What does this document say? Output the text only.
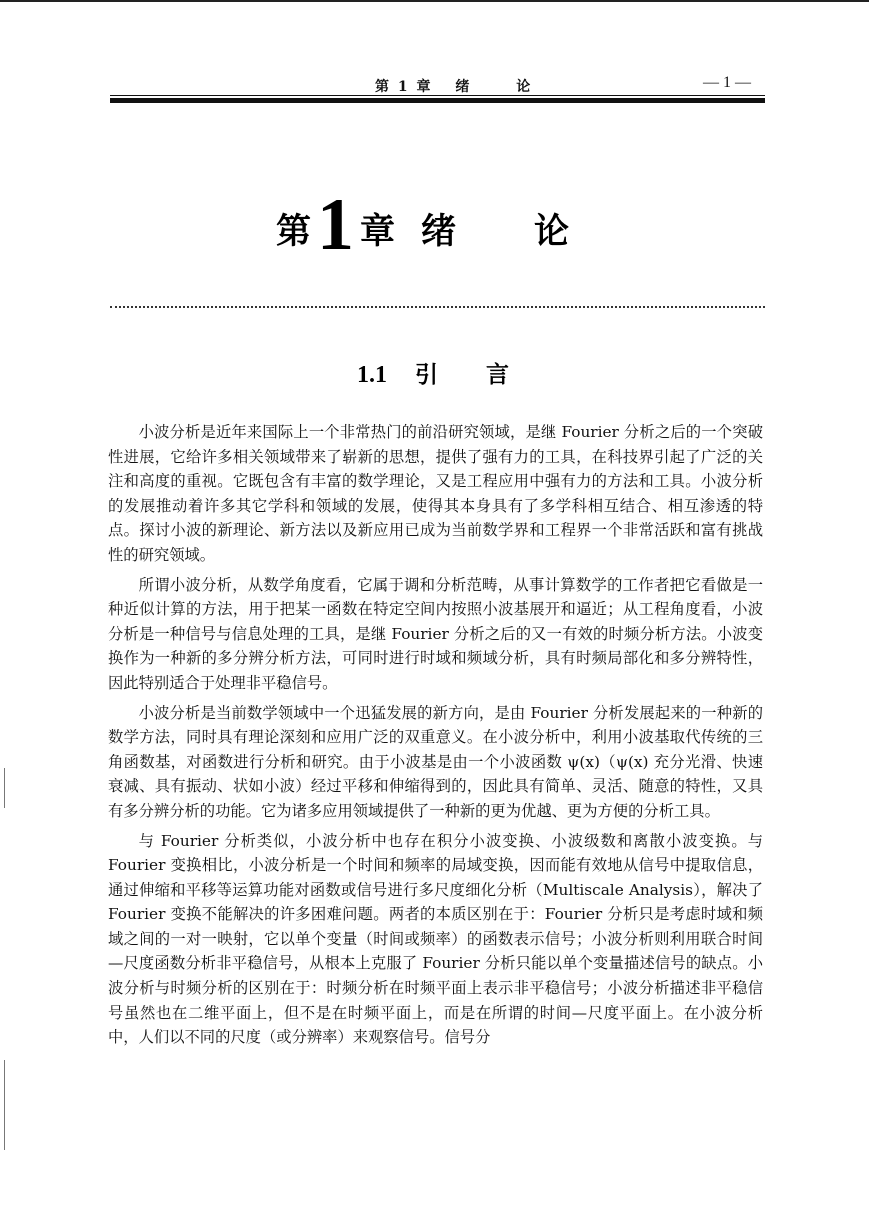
第 1 章 绪	论	— 1 —
第 1 章 绪 论
1.1 引 言

小波分析是近年来国际上一个非常热门的前沿研究领域，是继 Fourier 分析之后的一个突破性进展，它给许多相关领域带来了崭新的思想，提供了强有力的工具，在科技界引起了广泛的关注和高度的重视。它既包含有丰富的数学理论，又是工程应用中强有力的方法和工具。小波分析的发展推动着许多其它学科和领域的发展，使得其本身具有了多学科相互结合、相互渗透的特点。探讨小波的新理论、新方法以及新应用已成为当前数学界和工程界一个非常活跃和富有挑战性的研究领域。

所谓小波分析，从数学角度看，它属于调和分析范畴，从事计算数学的工作者把它看做是一种近似计算的方法，用于把某一函数在特定空间内按照小波基展开和逼近；从工程角度看，小波分析是一种信号与信息处理的工具，是继 Fourier 分析之后的又一有效的时频分析方法。小波变换作为一种新的多分辨分析方法，可同时进行时域和频域分析，具有时频局部化和多分辨特性，因此特别适合于处理非平稳信号。

小波分析是当前数学领域中一个迅猛发展的新方向，是由 Fourier 分析发展起来的一种新的数学方法，同时具有理论深刻和应用广泛的双重意义。在小波分析中，利用小波基取代传统的三角函数基，对函数进行分析和研究。由于小波基是由一个小波函数 ψ(x)（ψ(x) 充分光滑、快速衰减、具有振动、状如小波）经过平移和伸缩得到的，因此具有简单、灵活、随意的特性，又具有多分辨分析的功能。它为诸多应用领域提供了一种新的更为优越、更为方便的分析工具。

与 Fourier 分析类似，小波分析中也存在积分小波变换、小波级数和离散小波变换。与 Fourier 变换相比，小波分析是一个时间和频率的局域变换，因而能有效地从信号中提取信息，通过伸缩和平移等运算功能对函数或信号进行多尺度细化分析（Multiscale Analysis），解决了 Fourier 变换不能解决的许多困难问题。两者的本质区别在于：Fourier 分析只是考虑时域和频域之间的一对一映射，它以单个变量（时间或频率）的函数表示信号；小波分析则利用联合时间—尺度函数分析非平稳信号，从根本上克服了 Fourier 分析只能以单个变量描述信号的缺点。小波分析与时频分析的区别在于：时频分析在时频平面上表示非平稳信号；小波分析描述非平稳信号虽然也在二维平面上，但不是在时频平面上，而是在所谓的时间—尺度平面上。在小波分析中，人们以不同的尺度（或分辨率）来观察信号。信号分
